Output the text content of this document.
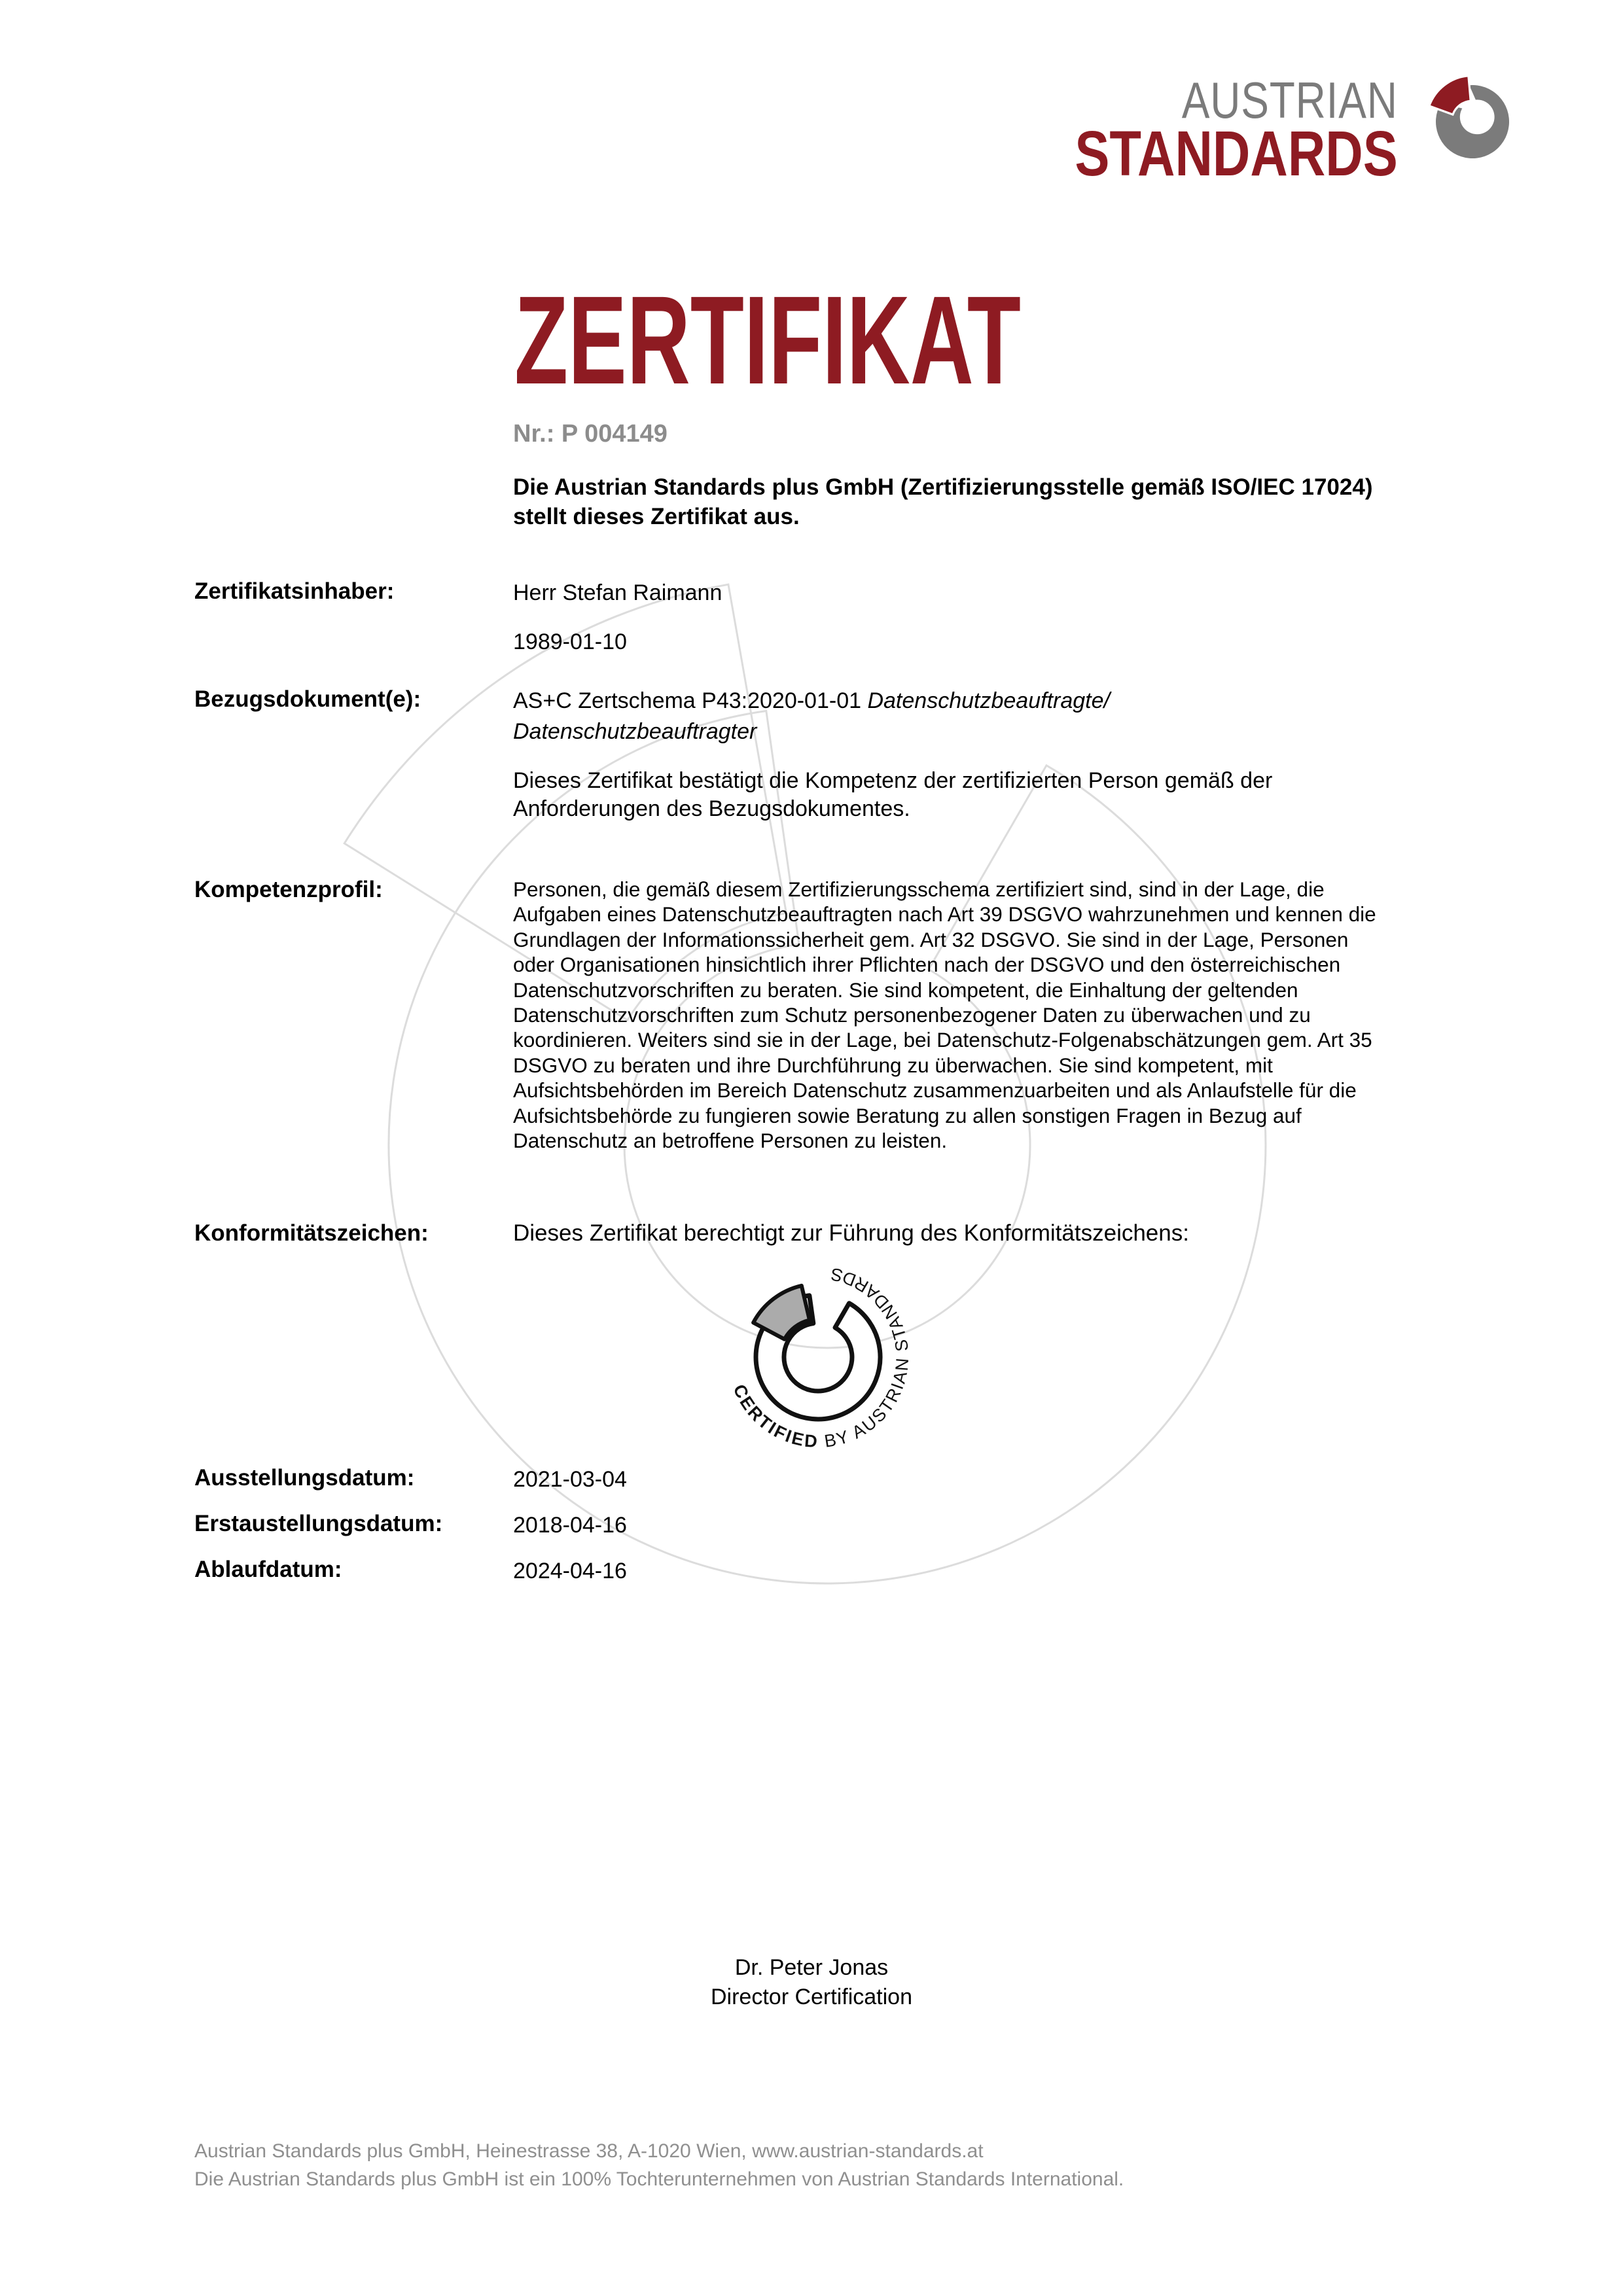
AUSTRIAN
STANDARDS
ZERTIFIKAT
Nr.: P 004149
Die Austrian Standards plus GmbH (Zertifizierungsstelle gemäß ISO/IEC 17024)
stellt dieses Zertifikat aus.
Zertifikatsinhaber:	Herr Stefan Raimann
1989-01-10
Bezugsdokument(e):	AS+C Zertschema P43:2020-01-01 Datenschutzbeauftragte/
Datenschutzbeauftragter
Dieses Zertifikat bestätigt die Kompetenz der zertifizierten Person gemäß der Anforderungen des Bezugsdokumentes.
Kompetenzprofil:	Personen, die gemäß diesem Zertifizierungsschema zertifiziert sind, sind in der Lage, die Aufgaben eines Datenschutzbeauftragten nach Art 39 DSGVO wahrzunehmen und kennen die Grundlagen der Informationssicherheit gem. Art 32 DSGVO. Sie sind in der Lage, Personen oder Organisationen hinsichtlich ihrer Pflichten nach der DSGVO und den österreichischen Datenschutzvorschriften zu beraten. Sie sind kompetent, die Einhaltung der geltenden Datenschutzvorschriften zum Schutz personenbezogener Daten zu überwachen und zu koordinieren. Weiters sind sie in der Lage, bei Datenschutz-Folgenabschätzungen gem. Art 35 DSGVO zu beraten und ihre Durchführung zu überwachen. Sie sind kompetent, mit Aufsichtsbehörden im Bereich Datenschutz zusammenzuarbeiten und als Anlaufstelle für die Aufsichtsbehörde zu fungieren sowie Beratung zu allen sonstigen Fragen in Bezug auf Datenschutz an betroffene Personen zu leisten.
Konformitätszeichen:	Dieses Zertifikat berechtigt zur Führung des Konformitätszeichens:
CERTIFIED BY AUSTRIAN STANDARDS
Ausstellungsdatum:	2021-03-04
Erstaustellungsdatum:	2018-04-16
Ablaufdatum:	2024-04-16
Dr. Peter Jonas
Director Certification
Austrian Standards plus GmbH, Heinestrasse 38, A-1020 Wien, www.austrian-standards.at
Die Austrian Standards plus GmbH ist ein 100% Tochterunternehmen von Austrian Standards International.
